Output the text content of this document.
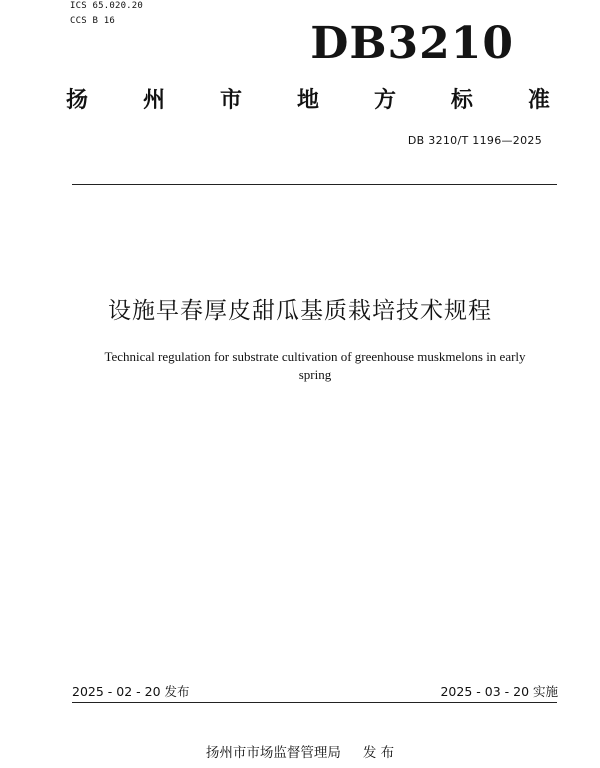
ICS 65.020.20
CCS B 16	DB3210
扬 州 市 地 方 标 准
DB 3210/T 1196—2025
设施早春厚皮甜瓜基质栽培技术规程
Technical regulation for substrate cultivation of greenhouse muskmelons in early
spring
2025 - 02 - 20 发布	2025 - 03 - 20 实施
扬州市市场监督管理局 发 布
